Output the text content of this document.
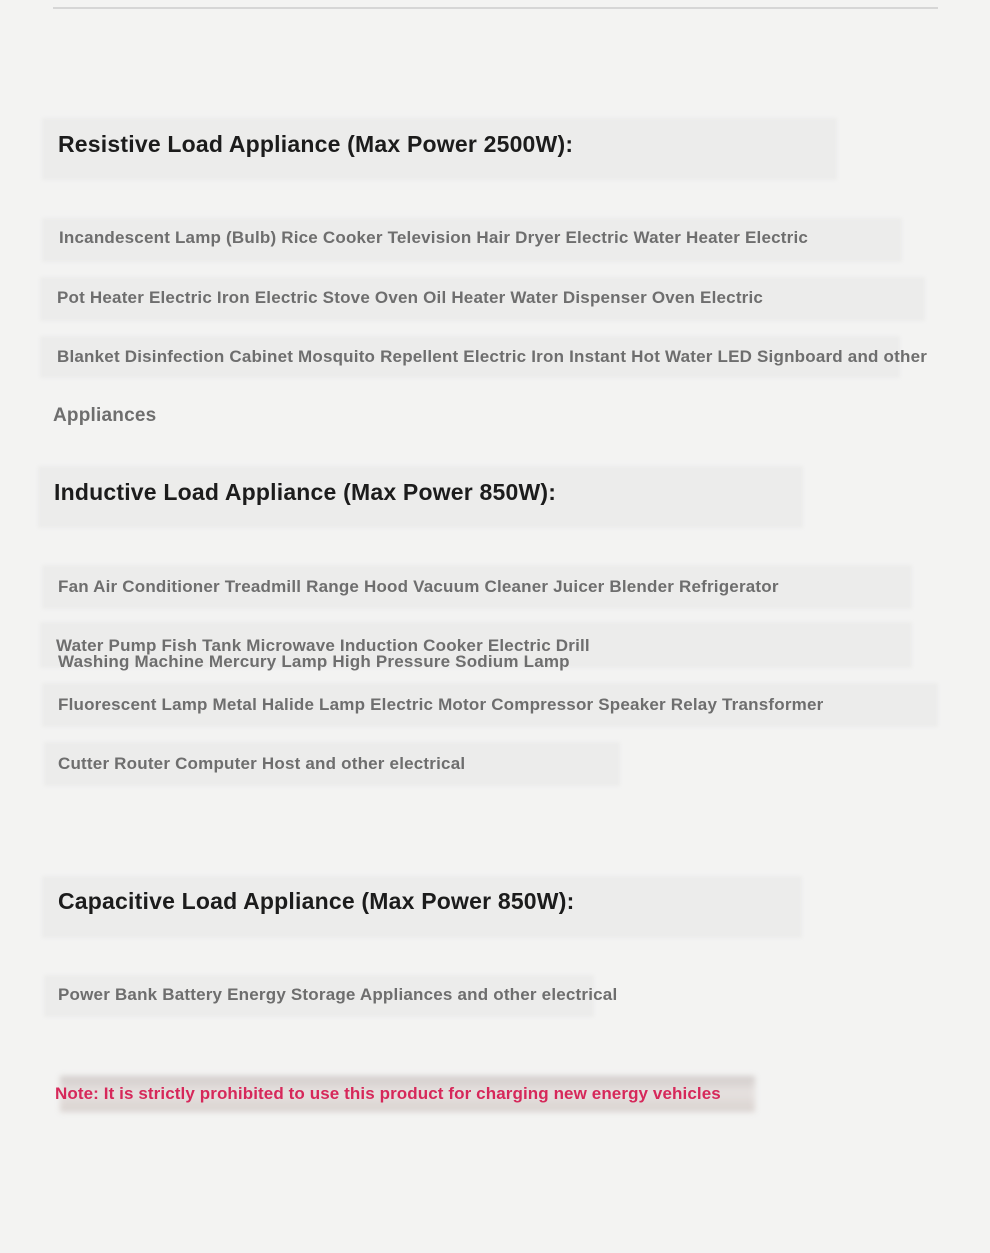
Resistive Load Appliance (Max Power 2500W):

Incandescent Lamp (Bulb) Rice Cooker Television Hair Dryer Electric Water Heater Electric

Pot Heater Electric Iron Electric Stove Oven Oil Heater Water Dispenser Oven Electric

Blanket Disinfection Cabinet Mosquito Repellent Electric Iron Instant Hot Water LED Signboard and other

Appliances

Inductive Load Appliance (Max Power 850W):

Fan Air Conditioner Treadmill Range Hood Vacuum Cleaner Juicer Blender Refrigerator

Water Pump Fish Tank Microwave Induction Cooker Electric Drill

Washing Machine Mercury Lamp High Pressure Sodium Lamp

Fluorescent Lamp Metal Halide Lamp Electric Motor Compressor Speaker Relay Transformer

Cutter Router Computer Host and other electrical

Capacitive Load Appliance (Max Power 850W):

Power Bank Battery Energy Storage Appliances and other electrical

Note: It is strictly prohibited to use this product for charging new energy vehicles
